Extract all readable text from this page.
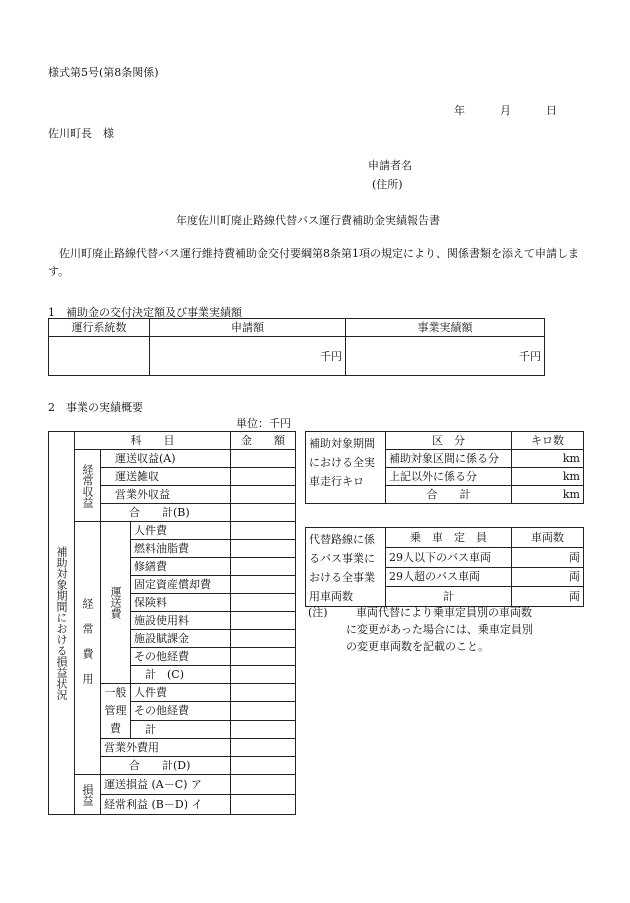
様式第5号(第8条関係)
年	月	日
佐川町長　様
申請者名
(住所)
年度佐川町廃止路線代替バス運行費補助金実績報告書
佐川町廃止路線代替バス運行維持費補助金交付要綱第8条第1項の規定により、関係書類を添えて申請します。
1　補助金の交付決定額及び事業実績額
運行系統数	申請額	事業実績額
	千円	千円
2　事業の実績概要
単位：千円
補助対象期間における損益状況	科　　目			金　　額
	経常収益	運送収益(A)		
		運送雑収		
		営業外収益		
		合　　計(B)		
	経常費用	運送費	人件費	
			燃料油脂費	
			修繕費	
			固定資産償却費	
			保険料	
			施設使用料	
			施設賦課金	
			その他経費	
			計　(C)	
		一般管理費	人件費	
			その他経費	
			計	
		営業外費用		
		合　　計(D)		
	損益	運送損益 (A－C) ア		
		経常利益 (B－D) イ		
補助対象期間における全実車走行キロ	区　分	キロ数
	補助対象区間に係る分	km
	上記以外に係る分	km
	合　　計	km
代替路線に係るバス事業における全事業用車両数	乗　車　定　員	車両数
	29人以下のバス車両	両
	29人超のバス車両	両
	計	両
(注)	車両代替により乗車定員別の車両数に変更があった場合には、乗車定員別の変更車両数を記載のこと。
